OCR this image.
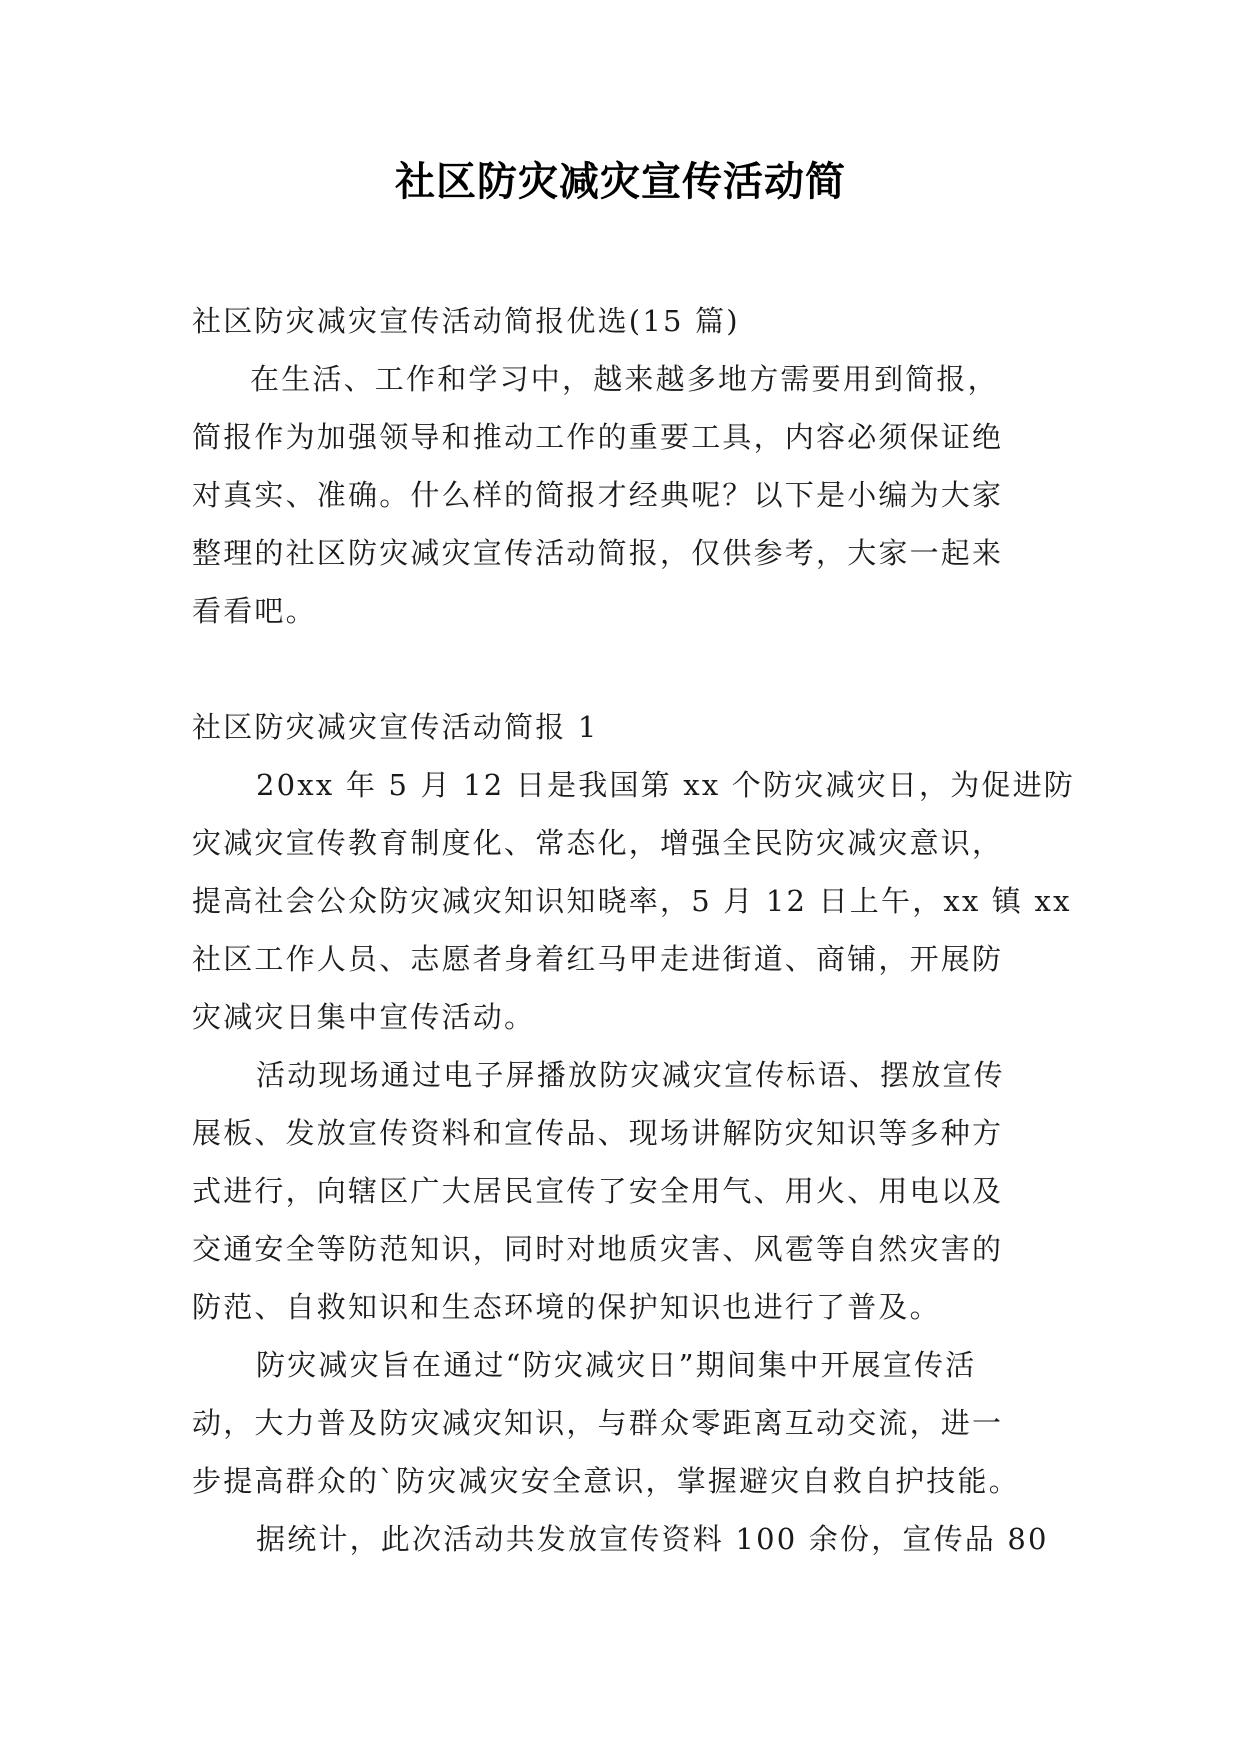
社区防灾减灾宣传活动简

社区防灾减灾宣传活动简报优选(15 篇)

在生活、工作和学习中，越来越多地方需要用到简报，

简报作为加强领导和推动工作的重要工具，内容必须保证绝

对真实、准确。什么样的简报才经典呢？以下是小编为大家

整理的社区防灾减灾宣传活动简报，仅供参考，大家一起来

看看吧。

社区防灾减灾宣传活动简报 1

20xx 年 5 月 12 日是我国第 xx 个防灾减灾日，为促进防

灾减灾宣传教育制度化、常态化，增强全民防灾减灾意识，

提高社会公众防灾减灾知识知晓率，5 月 12 日上午，xx 镇 xx

社区工作人员、志愿者身着红马甲走进街道、商铺，开展防

灾减灾日集中宣传活动。

活动现场通过电子屏播放防灾减灾宣传标语、摆放宣传

展板、发放宣传资料和宣传品、现场讲解防灾知识等多种方

式进行，向辖区广大居民宣传了安全用气、用火、用电以及

交通安全等防范知识，同时对地质灾害、风雹等自然灾害的

防范、自救知识和生态环境的保护知识也进行了普及。

防灾减灾旨在通过“防灾减灾日”期间集中开展宣传活

动，大力普及防灾减灾知识，与群众零距离互动交流，进一

步提高群众的`防灾减灾安全意识，掌握避灾自救自护技能。

据统计，此次活动共发放宣传资料 100 余份，宣传品 80
